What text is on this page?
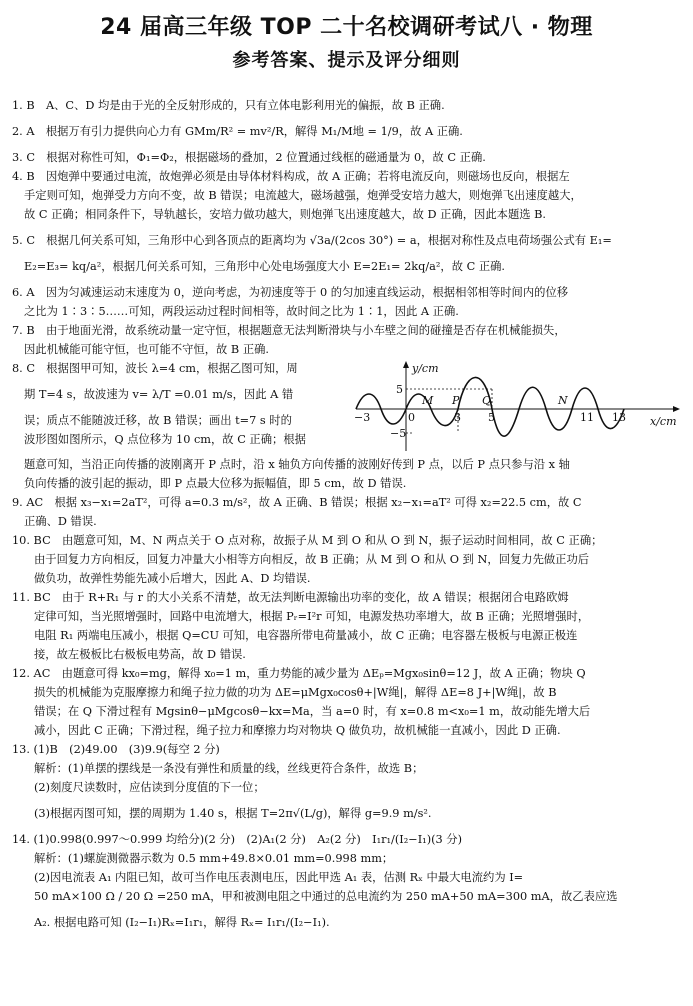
24 届高三年级 TOP 二十名校调研考试八 · 物理
参考答案、提示及评分细则

1. B　A、C、D 均是由于光的全反射形成的，只有立体电影利用光的偏振，故 B 正确.

2. A　根据万有引力提供向心力有 GMm/R² = mv²/R，解得 M₁/M地 = 1/9，故 A 正确.

3. C　根据对称性可知，Φ₁=Φ₂，根据磁场的叠加，2 位置通过线框的磁通量为 0，故 C 正确.

4. B　因炮弹中要通过电流，故炮弹必须是由导体材料构成，故 A 正确；若将电流反向，则磁场也反向，根据左

手定则可知，炮弹受力方向不变，故 B 错误；电流越大，磁场越强，炮弹受安培力越大，则炮弹飞出速度越大，

故 C 正确；相同条件下，导轨越长，安培力做功越大，则炮弹飞出速度越大，故 D 正确，因此本题选 B.

5. C　根据几何关系可知，三角形中心到各顶点的距离均为 √3a/(2cos 30°) = a，根据对称性及点电荷场强公式有 E₁=

E₂=E₃= kq/a²，根据几何关系可知，三角形中心处电场强度大小 E=2E₁= 2kq/a²，故 C 正确.

6. A　因为匀减速运动末速度为 0，逆向考虑，为初速度等于 0 的匀加速直线运动，根据相邻相等时间内的位移

之比为 1∶3∶5……可知，两段运动过程时间相等，故时间之比为 1∶1，因此 A 正确.

7. B　由于地面光滑，故系统动量一定守恒，根据题意无法判断滑块与小车壁之间的碰撞是否存在机械能损失，

因此机械能可能守恒，也可能不守恒，故 B 正确.

8. C　根据图甲可知，波长 λ=4 cm，根据乙图可知，周

期 T=4 s，故波速为 v= λ/T =0.01 m/s，因此 A 错

误；质点不能随波迁移，故 B 错误；画出 t=7 s 时的

波形图如图所示，Q 点位移为 10 cm，故 C 正确；根据

y/cm
x/cm
−3	0	3 5	11 13
5
−5
M P Q	N

题意可知，当沿正向传播的波刚离开 P 点时，沿 x 轴负方向传播的波刚好传到 P 点，以后 P 点只参与沿 x 轴

负向传播的波引起的振动，即 P 点最大位移为振幅值，即 5 cm，故 D 错误.

9. AC　根据 x₃−x₁=2aT²，可得 a=0.3 m/s²，故 A 正确、B 错误；根据 x₂−x₁=aT² 可得 x₂=22.5 cm，故 C

正确、D 错误.

10. BC　由题意可知，M、N 两点关于 O 点对称，故振子从 M 到 O 和从 O 到 N，振子运动时间相同，故 C 正确；

由于回复力方向相反，回复力冲量大小相等方向相反，故 B 正确；从 M 到 O 和从 O 到 N，回复力先做正功后

做负功，故弹性势能先减小后增大，因此 A、D 均错误.

11. BC　由于 R+R₁ 与 r 的大小关系不清楚，故无法判断电源输出功率的变化，故 A 错误；根据闭合电路欧姆

定律可知，当光照增强时，回路中电流增大，根据 Pᵣ=I²r 可知，电源发热功率增大，故 B 正确；光照增强时，

电阻 R₁ 两端电压减小，根据 Q=CU 可知，电容器所带电荷量减小，故 C 正确；电容器左极板与电源正极连

接，故左极板比右极板电势高，故 D 错误.

12. AC　由题意可得 kx₀=mg，解得 x₀=1 m，重力势能的减少量为 ΔEₚ=Mgx₀sinθ=12 J，故 A 正确；物块 Q

损失的机械能为克服摩擦力和绳子拉力做的功为 ΔE=μMgx₀cosθ+|W绳|，解得 ΔE=8 J+|W绳|，故 B

错误；在 Q 下滑过程有 Mgsinθ−μMgcosθ−kx=Ma，当 a=0 时，有 x=0.8 m<x₀=1 m，故动能先增大后

减小，因此 C 正确；下滑过程，绳子拉力和摩擦力均对物块 Q 做负功，故机械能一直减小，因此 D 正确.

13. (1)B　(2)49.00　(3)9.9(每空 2 分)

解析：(1)单摆的摆线是一条没有弹性和质量的线，丝线更符合条件，故选 B；

(2)刻度尺读数时，应估读到分度值的下一位；

(3)根据丙图可知，摆的周期为 1.40 s，根据 T=2π√(L/g)，解得 g=9.9 m/s².

14. (1)0.998(0.997～0.999 均给分)(2 分)　(2)A₁(2 分)　A₂(2 分)　I₁r₁/(I₂−I₁)(3 分)

解析：(1)螺旋测微器示数为 0.5 mm+49.8×0.01 mm=0.998 mm；

(2)因电流表 A₁ 内阻已知，故可当作电压表测电压，因此甲选 A₁ 表，估测 Rₓ 中最大电流约为 I=

50 mA×100 Ω / 20 Ω =250 mA，甲和被测电阻之中通过的总电流约为 250 mA+50 mA=300 mA，故乙表应选

A₂. 根据电路可知 (I₂−I₁)Rₓ=I₁r₁，解得 Rₓ= I₁r₁/(I₂−I₁).
